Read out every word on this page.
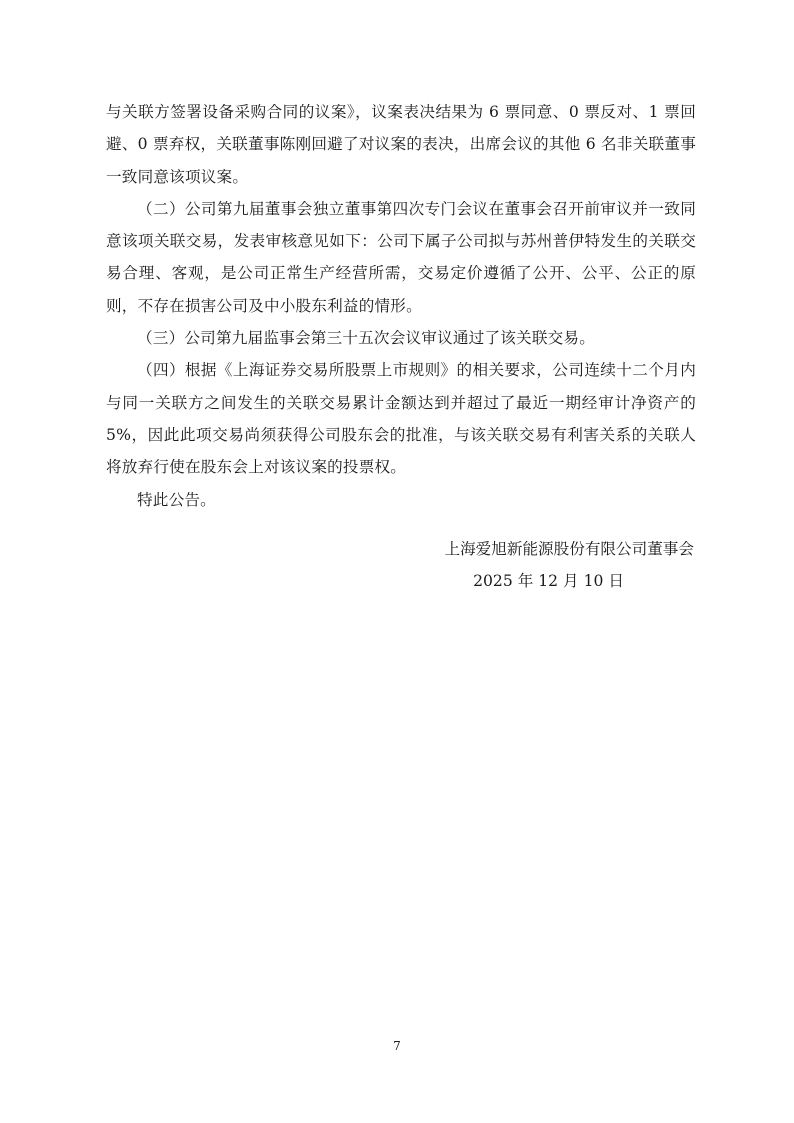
与关联方签署设备采购合同的议案》，议案表决结果为 6 票同意、0 票反对、1 票回避、0 票弃权，关联董事陈刚回避了对议案的表决，出席会议的其他 6 名非关联董事一致同意该项议案。

（二）公司第九届董事会独立董事第四次专门会议在董事会召开前审议并一致同意该项关联交易，发表审核意见如下：公司下属子公司拟与苏州普伊特发生的关联交易合理、客观，是公司正常生产经营所需，交易定价遵循了公开、公平、公正的原则，不存在损害公司及中小股东利益的情形。

（三）公司第九届监事会第三十五次会议审议通过了该关联交易。

（四）根据《上海证券交易所股票上市规则》的相关要求，公司连续十二个月内与同一关联方之间发生的关联交易累计金额达到并超过了最近一期经审计净资产的 5%，因此此项交易尚须获得公司股东会的批准，与该关联交易有利害关系的关联人将放弃行使在股东会上对该议案的投票权。

特此公告。

上海爱旭新能源股份有限公司董事会

2025 年 12 月 10 日

7
